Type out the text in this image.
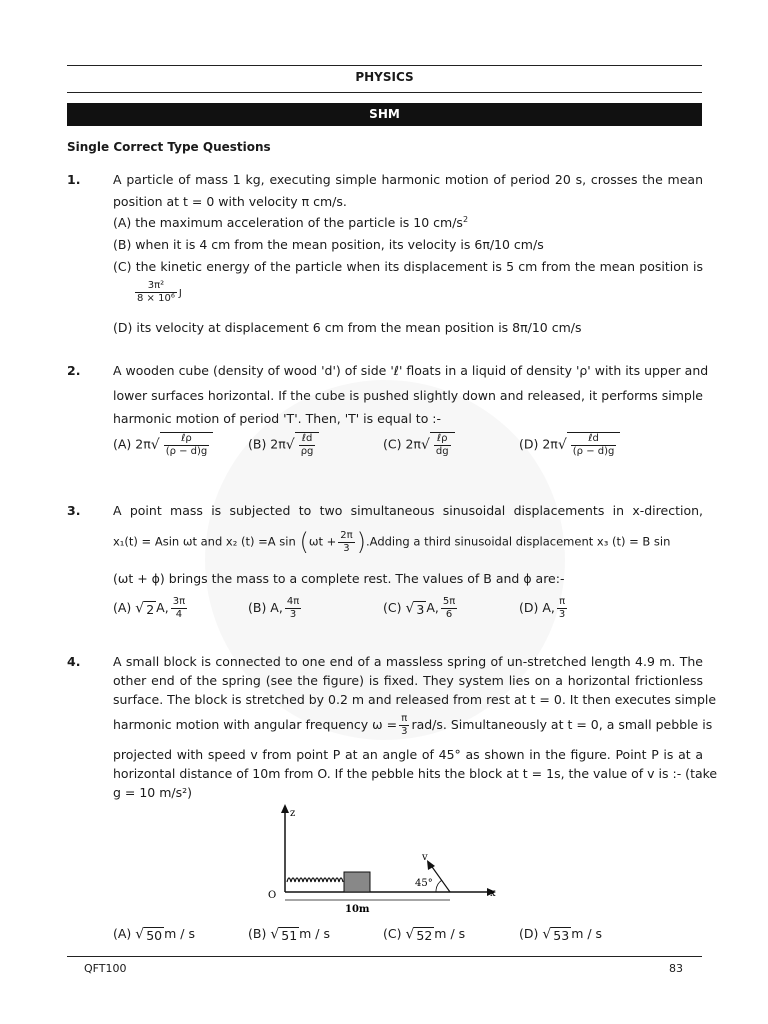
PHYSICS
SHM
Single Correct Type Questions
1.	A particle of mass 1 kg, executing simple harmonic motion of period 20 s, crosses the mean
position at t = 0 with velocity π cm/s.
(A) the maximum acceleration of the particle is 10 $cm/s^2$
(B) when it is 4 cm from the mean position, its velocity is 6π/10 cm/s
(C) the kinetic energy of the particle when its displacement is 5 cm from the mean position is
$\frac{\text{3π²}}{\text{8 × 10⁶}}$ J
(D) its velocity at displacement 6 cm from the mean position is 8π/10 cm/s
2.	A wooden cube (density of wood 'd') of side 'ℓ' floats in a liquid of density 'ρ' with its upper and
lower surfaces horizontal. If the cube is pushed slightly down and released, it performs simple
harmonic motion of period 'T'. Then, 'T' is equal to :-
(A) $2\pi√ \frac{\text{ℓρ}}{(\rho - d)g}$	(B) $2\pi√ \frac{\text{ℓd}}{\rho g}$	(C) $2\pi√ \frac{\text{ℓρ}}{dg}$	(D) $2\pi√ \frac{\text{ℓd}}{(\rho - d)g}$
3.	A point mass is subjected to two simultaneous sinusoidal displacements in x-direction,
x₁(t) = Asin ωt and x₂ (t) =A $\sin (\omega t + \frac{2\pi}{3}$ ).Adding a third sinusoidal displacement x₃ (t) = B sin
(ωt + ϕ) brings the mass to a complete rest. The values of B and ϕ are:-
(A) √ 2 A, $\frac{3\pi}{4}$	(B) A, $\frac{4\pi}{3}$	(C) √ 3 A, $\frac{5\pi}{6}$	(D) A, $\frac{\pi}{3}$
4.	A small block is connected to one end of a massless spring of un-stretched length 4.9 m. The
other end of the spring (see the figure) is fixed. They system lies on a horizontal frictionless
surface. The block is stretched by 0.2 m and released from rest at t = 0. It then executes simple
harmonic motion with angular frequency $\omega = \frac{\pi}{3} rad/s$. Simultaneously at t = 0, a small pebble is
projected with speed v from point P at an angle of 45° as shown in the figure. Point P is at a
horizontal distance of 10m from O. If the pebble hits the block at t = 1s, the value of v is :- (take
g = 10 m/s²)
z
x
O
10m
v
45°
(A) √ 50 m / s	(B) √ 51 m / s	(C) √ 52 m / s	(D) √ 53 m / s
QFT100	83
